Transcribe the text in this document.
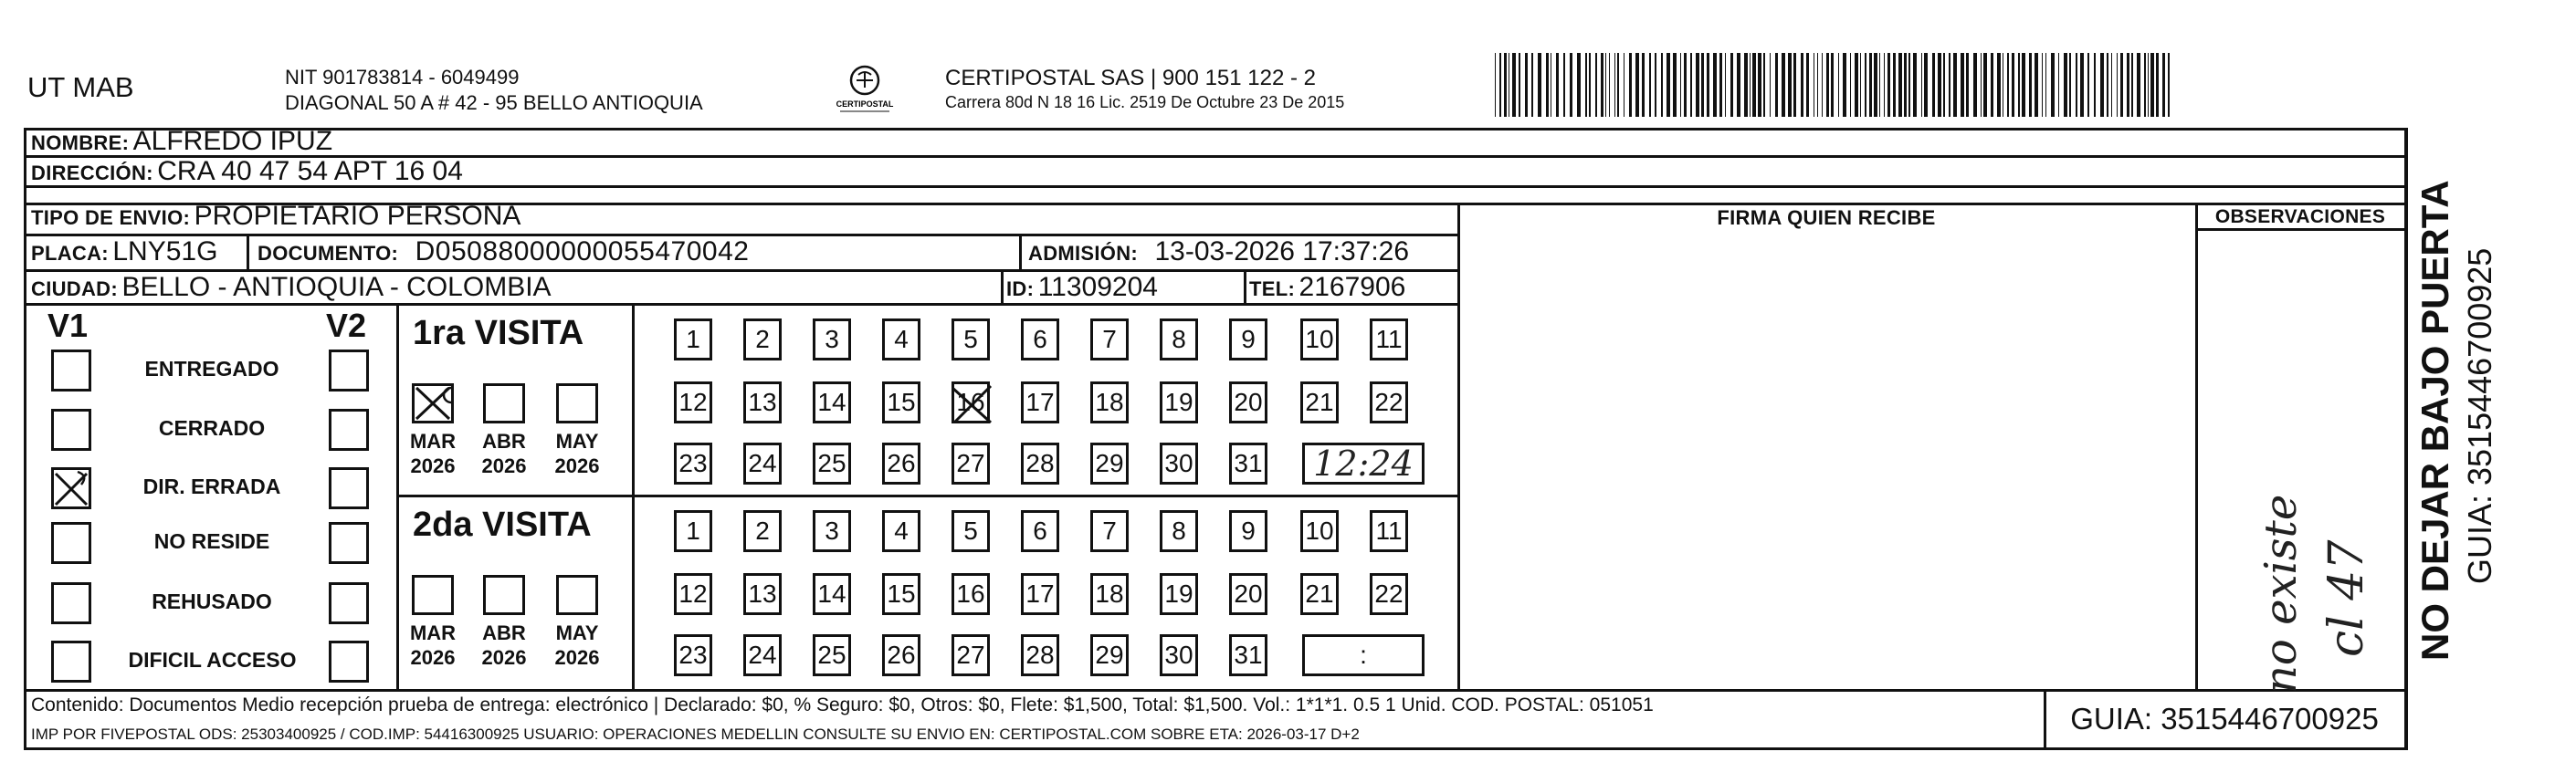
UT MAB	NIT 901783814 - 6049499
DIAGONAL 50 A # 42 - 95 BELLO ANTIOQUIA	CERTIPOSTAL
CERTIPOSTAL SAS | 900 151 122 - 2
Carrera 80d N 18 16 Lic. 2519 De Octubre 23 De 2015
NOMBRE: ALFREDO IPUZ
DIRECCIÓN: CRA 40 47 54 APT 16 04
TIPO DE ENVIO: PROPIETARIO PERSONA	FIRMA QUIEN RECIBE	OBSERVACIONES
PLACA: LNY51G DOCUMENTO: D05088000000055470042	ADMISIÓN: 13-03-2026 17:37:26
CIUDAD: BELLO - ANTIOQUIA - COLOMBIA	ID: 11309204	TEL: 2167906
V1	V2
ENTREGADO
CERRADO
DIR. ERRADA
NO RESIDE
REHUSADO
DIFICIL ACCESO
1ra VISITA
MAR
2026
ABR
2026
MAY
2026
1 2 3 4 5 6 7 8 9 10 11
12 13 14 15 16 17 18 19 20 21 22
23 24 25 26 27 28 29 30 31 12:24
2da VISITA
MAR
2026
ABR
2026
MAY
2026
1 2 3 4 5 6 7 8 9 10 11
12 13 14 15 16 17 18 19 20 21 22
23 24 25 26 27 28 29 30 31	:	no existe cl 47
Contenido: Documentos Medio recepción prueba de entrega: electrónico | Declarado: $0, % Seguro: $0, Otros: $0, Flete: $1,500, Total: $1,500. Vol.: 1*1*1. 0.5 1 Unid. COD. POSTAL: 051051
IMP POR FIVEPOSTAL ODS: 25303400925 / COD.IMP: 54416300925 USUARIO: OPERACIONES MEDELLIN CONSULTE SU ENVIO EN: CERTIPOSTAL.COM SOBRE ETA: 2026-03-17 D+2	GUIA: 3515446700925
NO DEJAR BAJO PUERTA GUIA: 3515446700925
